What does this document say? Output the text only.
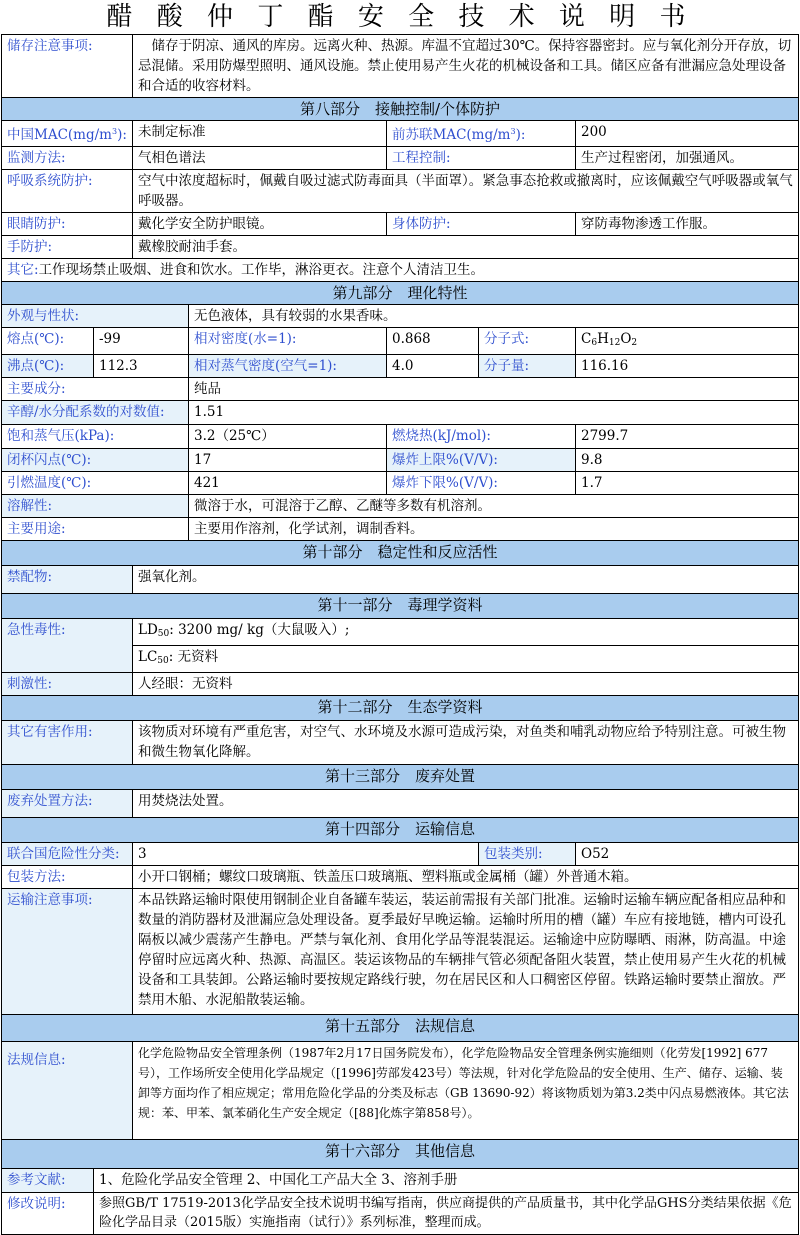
醋 酸 仲 丁 酯 安 全 技 术 说 明 书
储存注意事项:		储存于阴凉、通风的库房。远离火种、热源。库温不宜超过30℃。保持容器密封。应与氧化剂分开存放，切忌混储。采用防爆型照明、通风设施。禁止使用易产生火花的机械设备和工具。储区应备有泄漏应急处理设备和合适的收容材料。				
第八部分　接触控制/个体防护						
中国$MAC(mg/m^3)$:		未制定标准		前苏联$MAC(mg/m^3)$:		200
监测方法:		气相色谱法		工程控制:		生产过程密闭，加强通风。
呼吸系统防护:		空气中浓度超标时，佩戴自吸过滤式防毒面具（半面罩）。紧急事态抢救或撤离时，应该佩戴空气呼吸器或氧气呼吸器。				
眼睛防护:		戴化学安全防护眼镜。		身体防护:		穿防毒物渗透工作服。
手防护:		戴橡胶耐油手套。				
其它:工作现场禁止吸烟、进食和饮水。工作毕，淋浴更衣。注意个人清洁卫生。						
第九部分　理化特性						
外观与性状:			无色液体，具有较弱的水果香味。			
熔点(℃):	-99		相对密度(水=1):	0.868	分子式:	$C_6H_{12}O_2$
沸点(℃):	112.3		相对蒸气密度(空气=1):	4.0	分子量:	116.16
主要成分:			纯品			
辛醇/水分配系数的对数值:			1.51			
饱和蒸气压(kPa):			3.2（25℃）	燃烧热(kJ/mol):		2799.7
闭杯闪点(℃):			17	爆炸上限%(V/V):		9.8
引燃温度(℃):			421	爆炸下限%(V/V):		1.7
溶解性:			微溶于水，可混溶于乙醇、乙醚等多数有机溶剂。			
主要用途:			主要用作溶剂，化学试剂，调制香料。			
第十部分　稳定性和反应活性						
禁配物:		强氧化剂。				
第十一部分　毒理学资料						
急性毒性:		$LD_{50}$: 3200 mg/ kg（大鼠吸入）;				
		$LC_{50}$: 无资料				
刺激性:		人经眼：无资料				
第十二部分　生态学资料						
其它有害作用:		该物质对环境有严重危害，对空气、水环境及水源可造成污染，对鱼类和哺乳动物应给予特别注意。可被生物和微生物氧化降解。				
第十三部分　废弃处置						
废弃处置方法:		用焚烧法处置。				
第十四部分　运输信息						
联合国危险性分类:		3			包装类别:	O52
包装方法:		小开口钢桶；螺纹口玻璃瓶、铁盖压口玻璃瓶、塑料瓶或金属桶（罐）外普通木箱。				
运输注意事项:		本品铁路运输时限使用钢制企业自备罐车装运，装运前需报有关部门批准。运输时运输车辆应配备相应品种和数量的消防器材及泄漏应急处理设备。夏季最好早晚运输。运输时所用的槽（罐）车应有接地链，槽内可设孔隔板以减少震荡产生静电。严禁与氧化剂、食用化学品等混装混运。运输途中应防曝晒、雨淋，防高温。中途停留时应远离火种、热源、高温区。装运该物品的车辆排气管必须配备阻火装置，禁止使用易产生火花的机械设备和工具装卸。公路运输时要按规定路线行驶，勿在居民区和人口稠密区停留。铁路运输时要禁止溜放。严禁用木船、水泥船散装运输。				
第十五部分　法规信息						
法规信息:		化学危险物品安全管理条例（1987年2月17日国务院发布），化学危险物品安全管理条例实施细则（化劳发[1992] 677号），工作场所安全使用化学品规定（[1996]劳部发423号）等法规，针对化学危险品的安全使用、生产、储存、运输、装卸等方面均作了相应规定；常用危险化学品的分类及标志（GB 13690-92）将该物质划为第3.2类中闪点易燃液体。其它法规：苯、甲苯、氯苯硝化生产安全规定（[88]化炼字第858号）。				
第十六部分　其他信息						
参考文献:	1、危险化学品安全管理 2、中国化工产品大全 3、溶剂手册					
修改说明:	参照GB/T 17519-2013化学品安全技术说明书编写指南，供应商提供的产品质量书，其中化学品GHS分类结果依据《危险化学品目录（2015版）实施指南（试行）》系列标准，整理而成。					
